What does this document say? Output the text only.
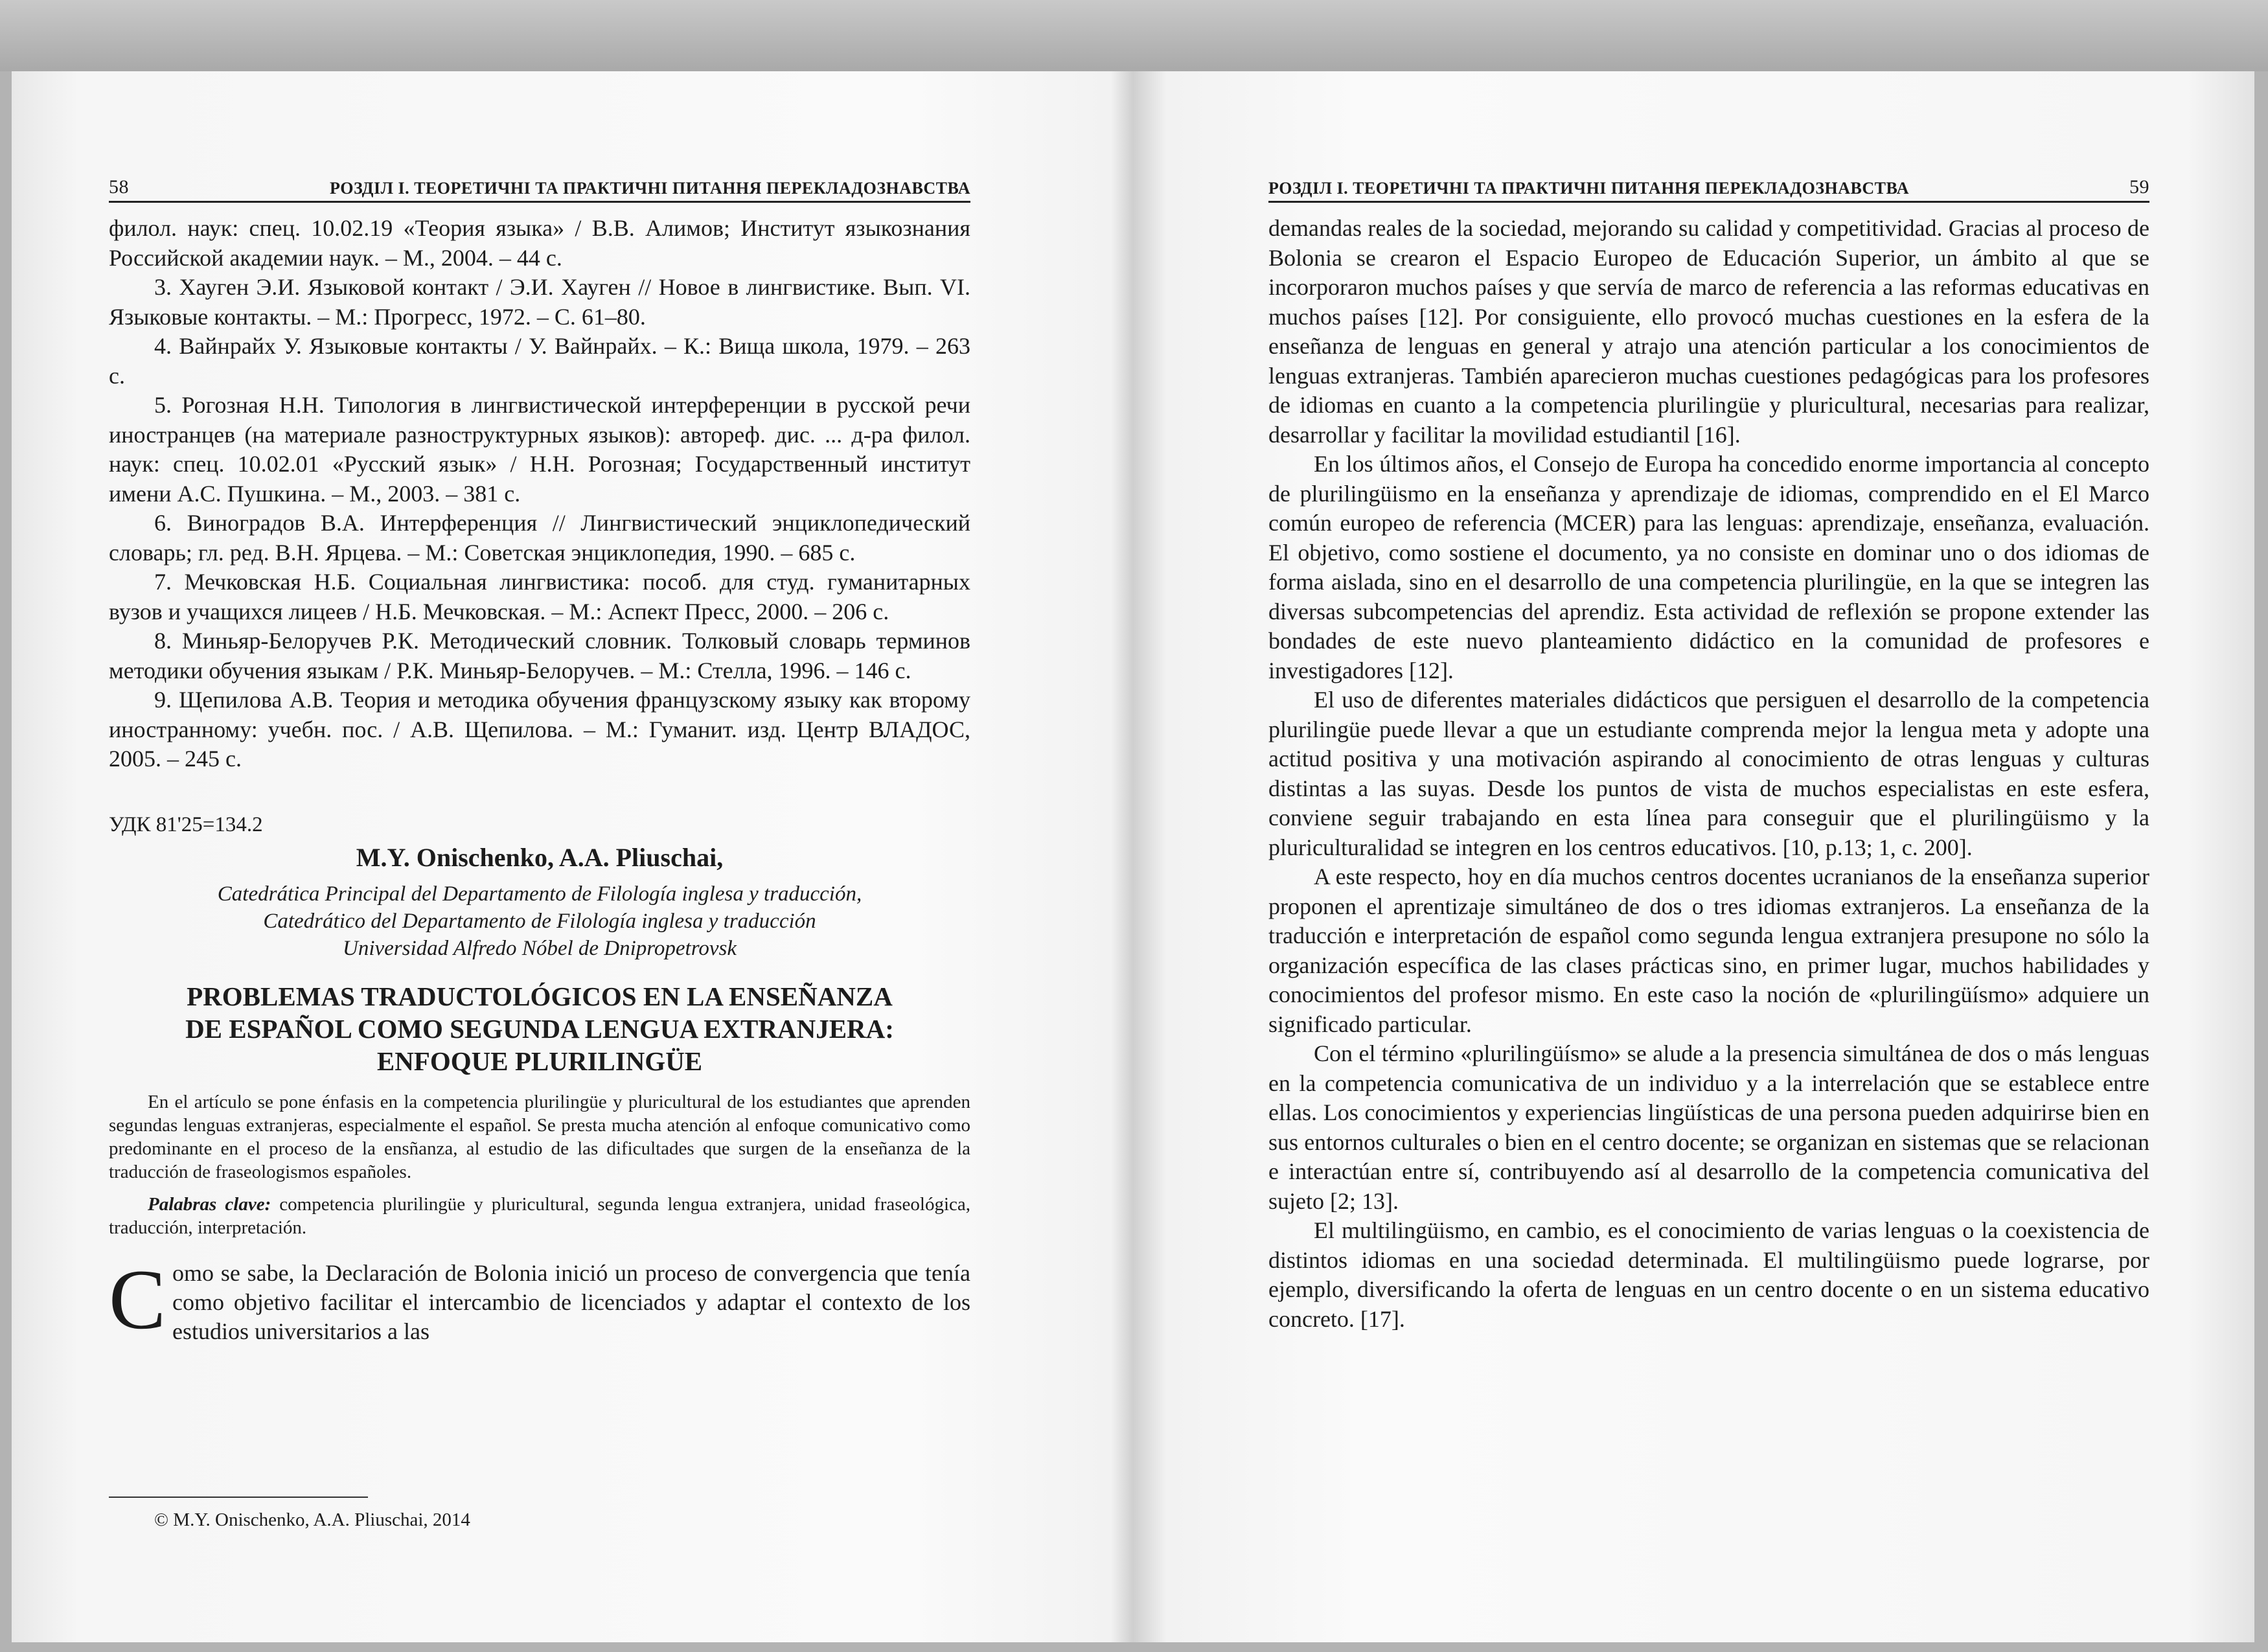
58	РОЗДІЛ І. ТЕОРЕТИЧНІ ТА ПРАКТИЧНІ ПИТАННЯ ПЕРЕКЛАДОЗНАВСТВА

филол. наук: спец. 10.02.19 «Теория языка» / В.В. Алимов; Институт языкознания Российской академии наук. – М., 2004. – 44 с.

3. Хауген Э.И. Языковой контакт / Э.И. Хауген // Новое в лингвистике. Вып. VI. Языковые контакты. – М.: Прогресс, 1972. – С. 61–80.

4. Вайнрайх У. Языковые контакты / У. Вайнрайх. – К.: Вища школа, 1979. – 263 с.

5. Рогозная Н.Н. Типология в лингвистической интерференции в русской речи иностранцев (на материале разноструктурных языков): автореф. дис. ... д-ра филол. наук: спец. 10.02.01 «Русский язык» / Н.Н. Рогозная; Государственный институт имени А.С. Пушкина. – М., 2003. – 381 с.

6. Виноградов В.А. Интерференция // Лингвистический энциклопедический словарь; гл. ред. В.Н. Ярцева. – М.: Советская энциклопедия, 1990. – 685 с.

7. Мечковская Н.Б. Социальная лингвистика: пособ. для студ. гуманитарных вузов и учащихся лицеев / Н.Б. Мечковская. – М.: Аспект Пресс, 2000. – 206 с.

8. Миньяр-Белоручев Р.К. Методический словник. Толковый словарь терминов методики обучения языкам / Р.К. Миньяр-Белоручев. – М.: Стелла, 1996. – 146 с.

9. Щепилова А.В. Теория и методика обучения французскому языку как второму иностранному: учебн. пос. / А.В. Щепилова. – М.: Гуманит. изд. Центр ВЛАДОС, 2005. – 245 с.

УДК 81'25=134.2

M.Y. Onischenko, A.A. Pliuschai,

Catedrática Principal del Departamento de Filología inglesa y traducción,
Catedrático del Departamento de Filología inglesa y traducción
Universidad Alfredo Nóbel de Dnipropetrovsk
PROBLEMAS TRADUCTOLÓGICOS EN LA ENSEÑANZA
DE ESPAÑOL COMO SEGUNDA LENGUA EXTRANJERA:
ENFOQUE PLURILINGÜE

En el artículo se pone énfasis en la competencia plurilingüe y pluricultural de los estudiantes que aprenden segundas lenguas extranjeras, especialmente el español. Se presta mucha atención al enfoque comunicativo como predominante en el proceso de la ensñanza, al estudio de las dificultades que surgen de la enseñanza de la traducción de fraseologismos españoles.

Palabras clave: competencia plurilingüe y pluricultural, segunda lengua extranjera, unidad fraseológica, traducción, interpretación.

Como se sabe, la Declaración de Bolonia inició un proceso de convergencia que tenía como objetivo facilitar el intercambio de licenciados y adaptar el contexto de los estudios universitarios a las

© M.Y. Onischenko, A.A. Pliuschai, 2014

РОЗДІЛ І. ТЕОРЕТИЧНІ ТА ПРАКТИЧНІ ПИТАННЯ ПЕРЕКЛАДОЗНАВСТВА	59

demandas reales de la sociedad, mejorando su calidad y competitividad. Gracias al proceso de Bolonia se crearon el Espacio Europeo de Educación Superior, un ámbito al que se incorporaron muchos países y que servía de marco de referencia a las reformas educativas en muchos países [12]. Por consiguiente, ello provocó muchas cuestiones en la esfera de la enseñanza de lenguas en general y atrajo una atención particular a los conocimientos de lenguas extranjeras. También aparecieron muchas cuestiones pedagógicas para los profesores de idiomas en cuanto a la competencia plurilingüe y pluricultural, necesarias para realizar, desarrollar y facilitar la movilidad estudiantil [16].

En los últimos años, el Consejo de Europa ha concedido enorme importancia al concepto de plurilingüismo en la enseñanza y aprendizaje de idiomas, comprendido en el El Marco común europeo de referencia (MCER) para las lenguas: aprendizaje, enseñanza, evaluación. El objetivo, como sostiene el documento, ya no consiste en dominar uno o dos idiomas de forma aislada, sino en el desarrollo de una competencia plurilingüe, en la que se integren las diversas subcompetencias del aprendiz. Esta actividad de reflexión se propone extender las bondades de este nuevo planteamiento didáctico en la comunidad de profesores e investigadores [12].

El uso de diferentes materiales didácticos que persiguen el desarrollo de la competencia plurilingüe puede llevar a que un estudiante comprenda mejor la lengua meta y adopte una actitud positiva y una motivación aspirando al conocimiento de otras lenguas y culturas distintas a las suyas. Desde los puntos de vista de muchos especialistas en este esfera, conviene seguir trabajando en esta línea para conseguir que el plurilingüismo y la pluriculturalidad se integren en los centros educativos. [10, p.13; 1, c. 200].

A este respecto, hoy en día muchos centros docentes ucranianos de la enseñanza superior proponen el aprentizaje simultáneo de dos o tres idiomas extranjeros. La enseñanza de la traducción e interpretación de español como segunda lengua extranjera presupone no sólo la organización específica de las clases prácticas sino, en primer lugar, muchos habilidades y conocimientos del profesor mismo. En este caso la noción de «plurilingüísmo» adquiere un significado particular.

Con el término «plurilingüísmo» se alude a la presencia simultánea de dos o más lenguas en la competencia comunicativa de un individuo y a la interrelación que se establece entre ellas. Los conocimientos y experiencias lingüísticas de una persona pueden adquirirse bien en sus entornos culturales o bien en el centro docente; se organizan en sistemas que se relacionan e interactúan entre sí, contribuyendo así al desarrollo de la competencia comunicativa del sujeto [2; 13].

El multilingüismo, en cambio, es el conocimiento de varias lenguas o la coexistencia de distintos idiomas en una sociedad determinada. El multilingüismo puede lograrse, por ejemplo, diversificando la oferta de lenguas en un centro docente o en un sistema educativo concreto. [17].
